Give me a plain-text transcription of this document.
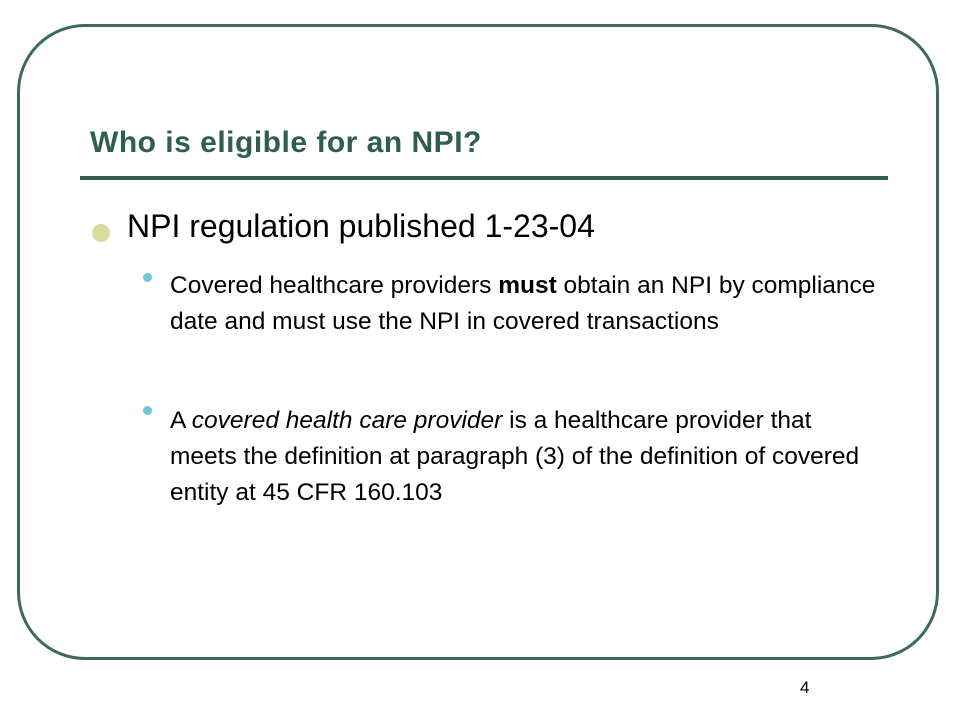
Who is eligible for an NPI?
NPI regulation published 1-23-04
Covered healthcare providers must obtain an NPI by compliance date and must use the NPI in covered transactions
A covered health care provider is a healthcare provider that meets the definition at paragraph (3) of the definition of covered entity at 45 CFR 160.103
4
